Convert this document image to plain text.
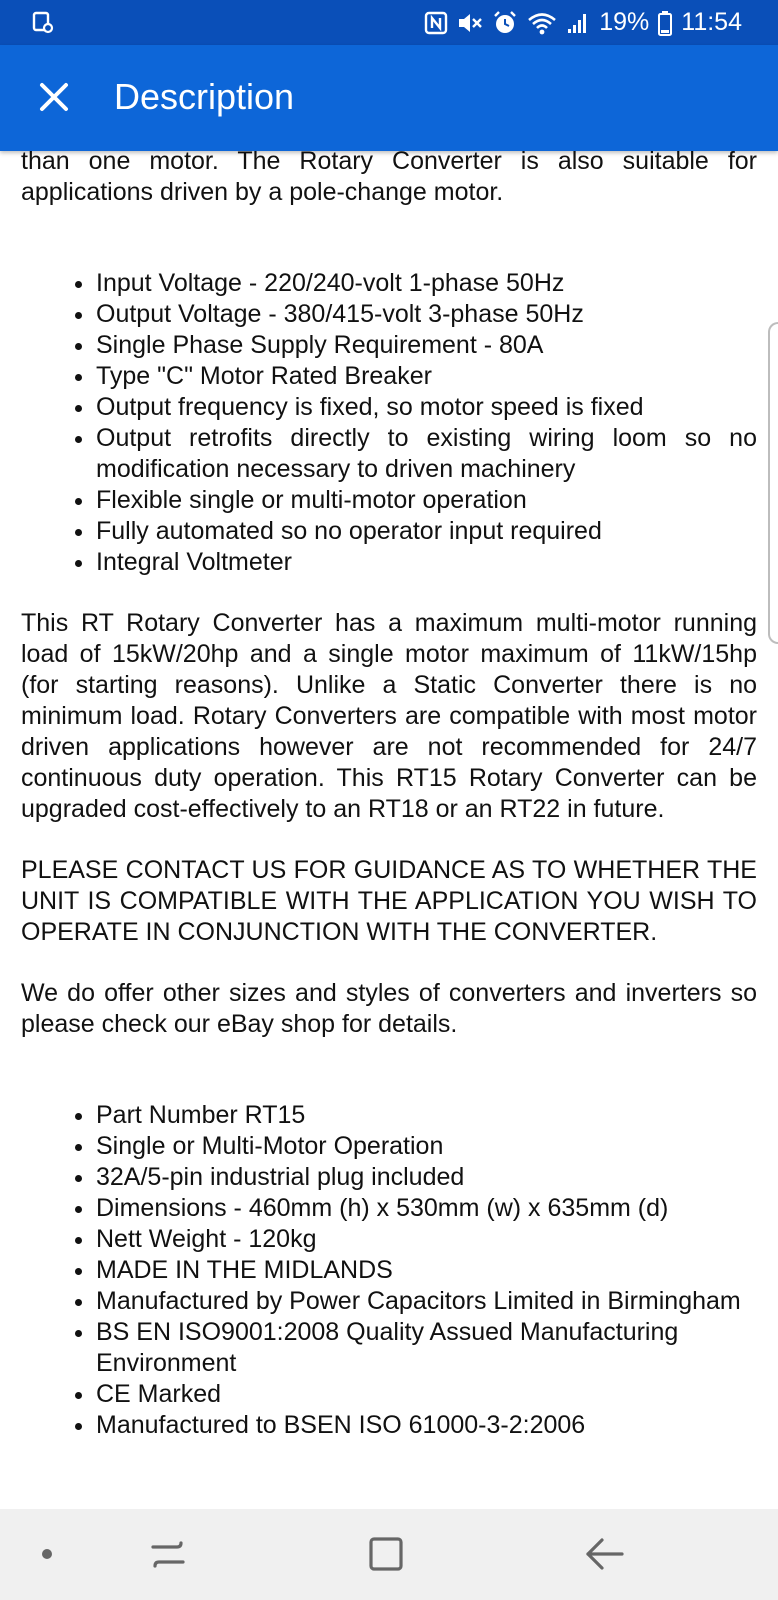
19% 11:54
Description

than one motor. The Rotary Converter is also suitable for applications driven by a pole-change motor.

Input Voltage - 220/240-volt 1-phase 50Hz
Output Voltage - 380/415-volt 3-phase 50Hz
Single Phase Supply Requirement - 80A
Type "C" Motor Rated Breaker
Output frequency is fixed, so motor speed is fixed
Output retrofits directly to existing wiring loom so no modification necessary to driven machinery
Flexible single or multi-motor operation
Fully automated so no operator input required
Integral Voltmeter

This RT Rotary Converter has a maximum multi-motor running load of 15kW/20hp and a single motor maximum of 11kW/15hp (for starting reasons). Unlike a Static Converter there is no minimum load. Rotary Converters are compatible with most motor driven applications however are not recommended for 24/7 continuous duty operation. This RT15 Rotary Converter can be upgraded cost-effectively to an RT18 or an RT22 in future.

PLEASE CONTACT US FOR GUIDANCE AS TO WHETHER THE UNIT IS COMPATIBLE WITH THE APPLICATION YOU WISH TO OPERATE IN CONJUNCTION WITH THE CONVERTER.

We do offer other sizes and styles of converters and inverters so please check our eBay shop for details.

Part Number RT15
Single or Multi-Motor Operation
32A/5-pin industrial plug included
Dimensions - 460mm (h) x 530mm (w) x 635mm (d)
Nett Weight - 120kg
MADE IN THE MIDLANDS
Manufactured by Power Capacitors Limited in Birmingham
BS EN ISO9001:2008 Quality Assued Manufacturing Environment
CE Marked
Manufactured to BSEN ISO 61000-3-2:2006
